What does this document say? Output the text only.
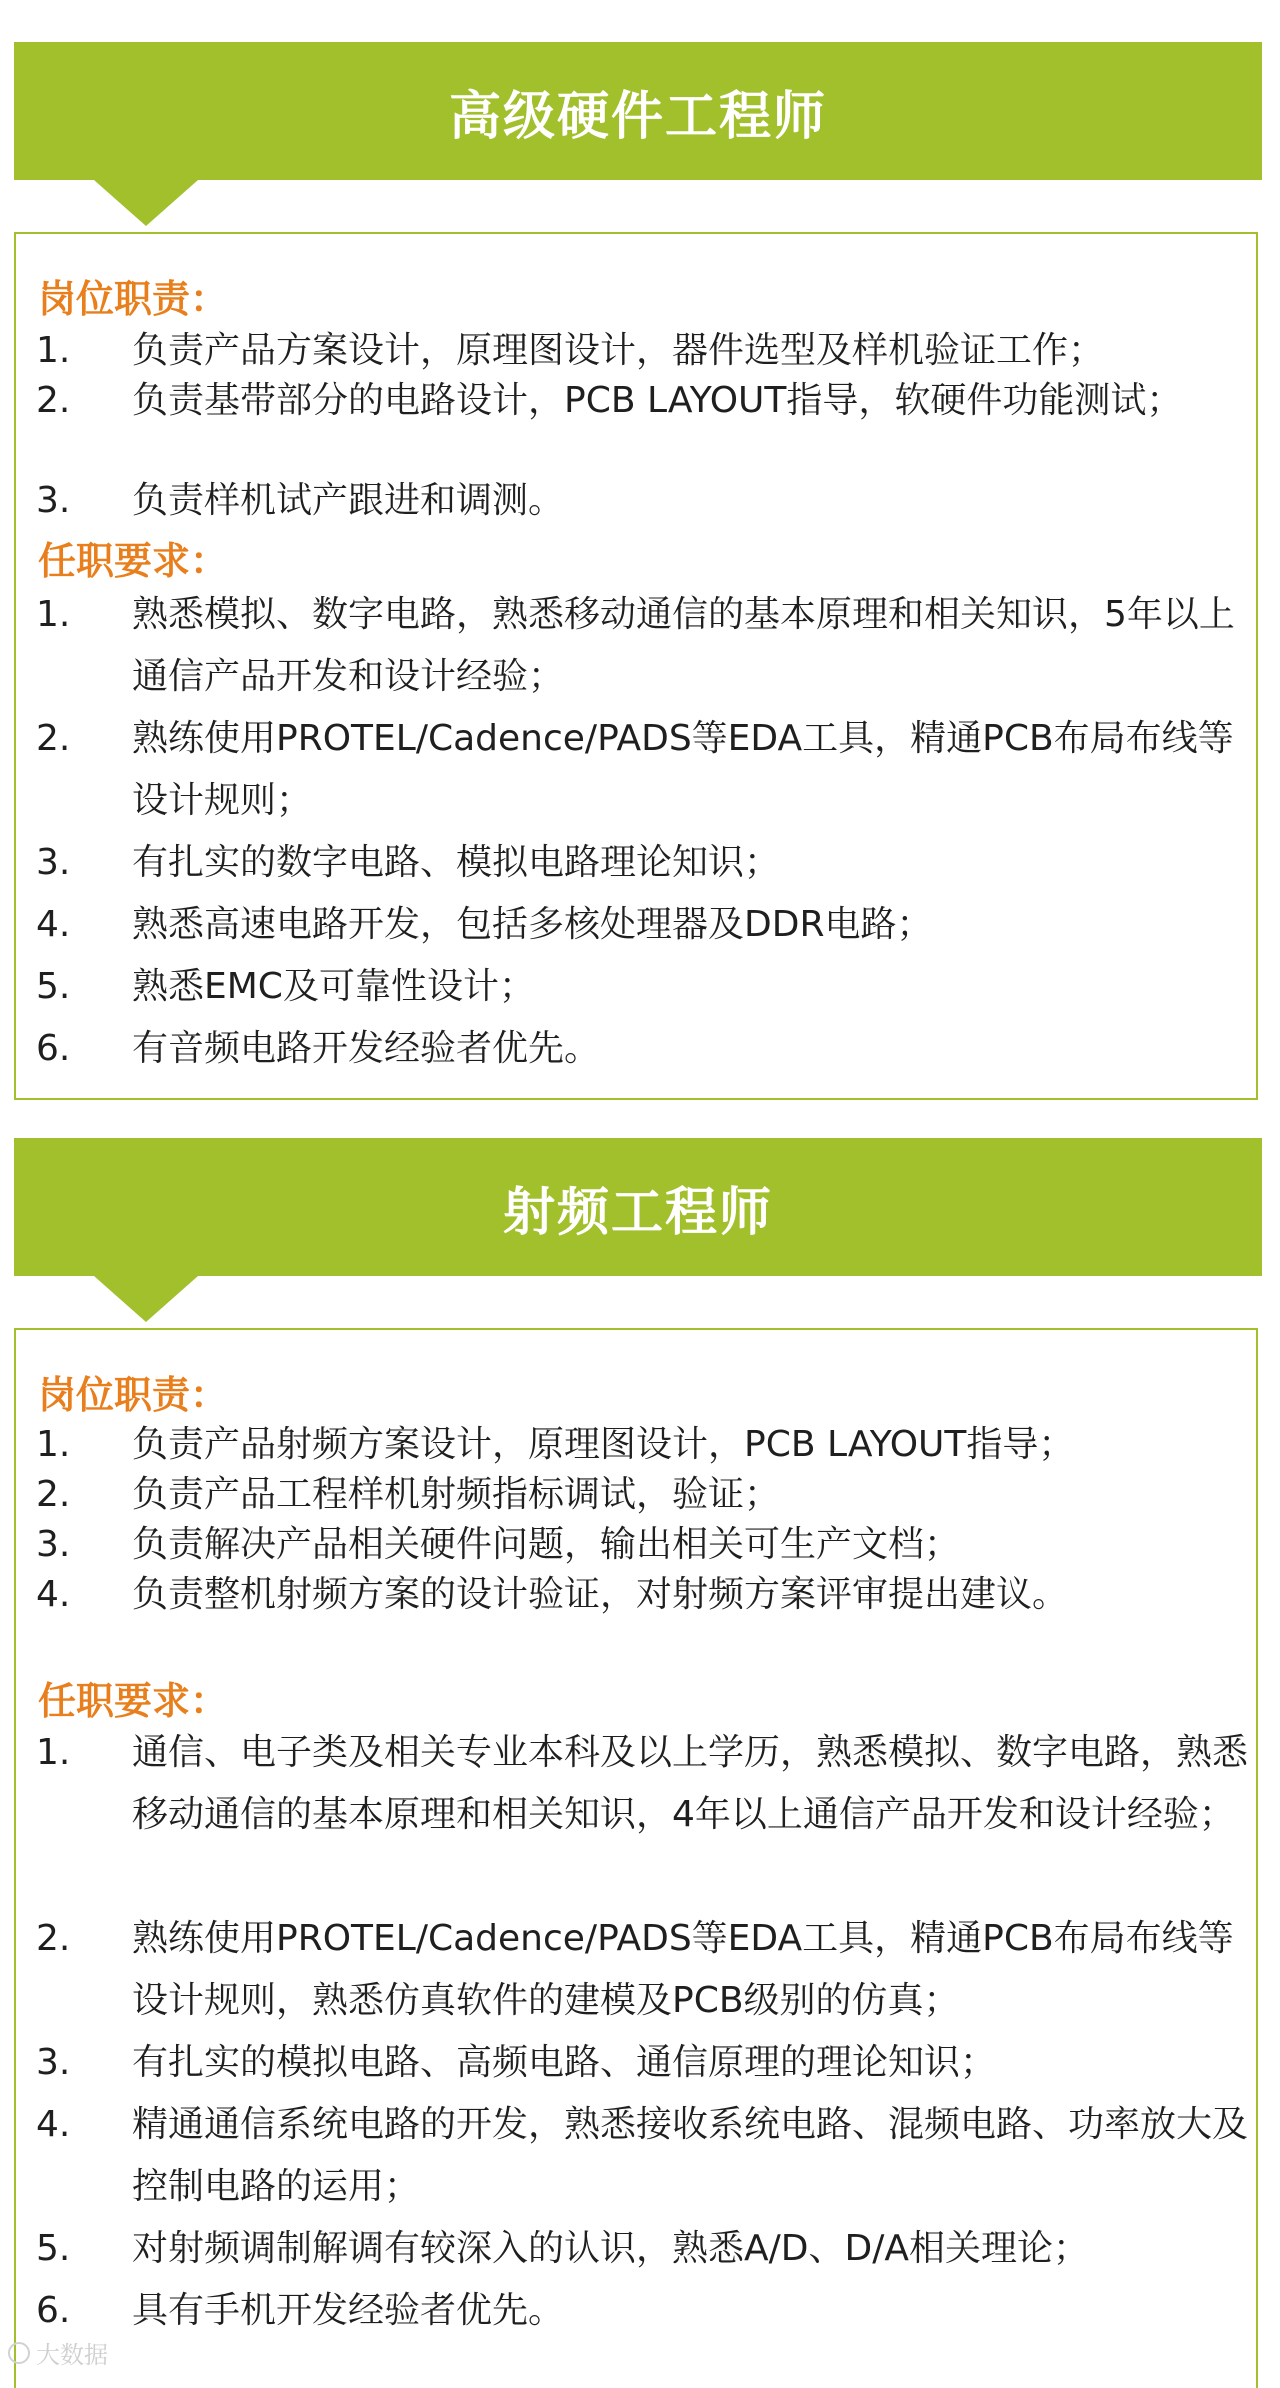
高级硬件工程师
岗位职责：
1.	负责产品方案设计，原理图设计，器件选型及样机验证工作；
2.	负责基带部分的电路设计，PCB LAYOUT指导，软硬件功能测试；
3.	负责样机试产跟进和调测。
任职要求：
1.	熟悉模拟、数字电路，熟悉移动通信的基本原理和相关知识，5年以上通信产品开发和设计经验；
2.	熟练使用PROTEL/Cadence/PADS等EDA工具，精通PCB布局布线等设计规则；
3.	有扎实的数字电路、模拟电路理论知识；
4.	熟悉高速电路开发，包括多核处理器及DDR电路；
5.	熟悉EMC及可靠性设计；
6.	有音频电路开发经验者优先。
射频工程师
岗位职责：
1.	负责产品射频方案设计，原理图设计，PCB LAYOUT指导；
2.	负责产品工程样机射频指标调试，验证；
3.	负责解决产品相关硬件问题，输出相关可生产文档；
4.	负责整机射频方案的设计验证，对射频方案评审提出建议。
任职要求：
1.	通信、电子类及相关专业本科及以上学历，熟悉模拟、数字电路，熟悉移动通信的基本原理和相关知识，4年以上通信产品开发和设计经验；
2.	熟练使用PROTEL/Cadence/PADS等EDA工具，精通PCB布局布线等设计规则，熟悉仿真软件的建模及PCB级别的仿真；
3.	有扎实的模拟电路、高频电路、通信原理的理论知识；
4.	精通通信系统电路的开发，熟悉接收系统电路、混频电路、功率放大及控制电路的运用；
5.	对射频调制解调有较深入的认识，熟悉A/D、D/A相关理论；
6.	具有手机开发经验者优先。
大数据
